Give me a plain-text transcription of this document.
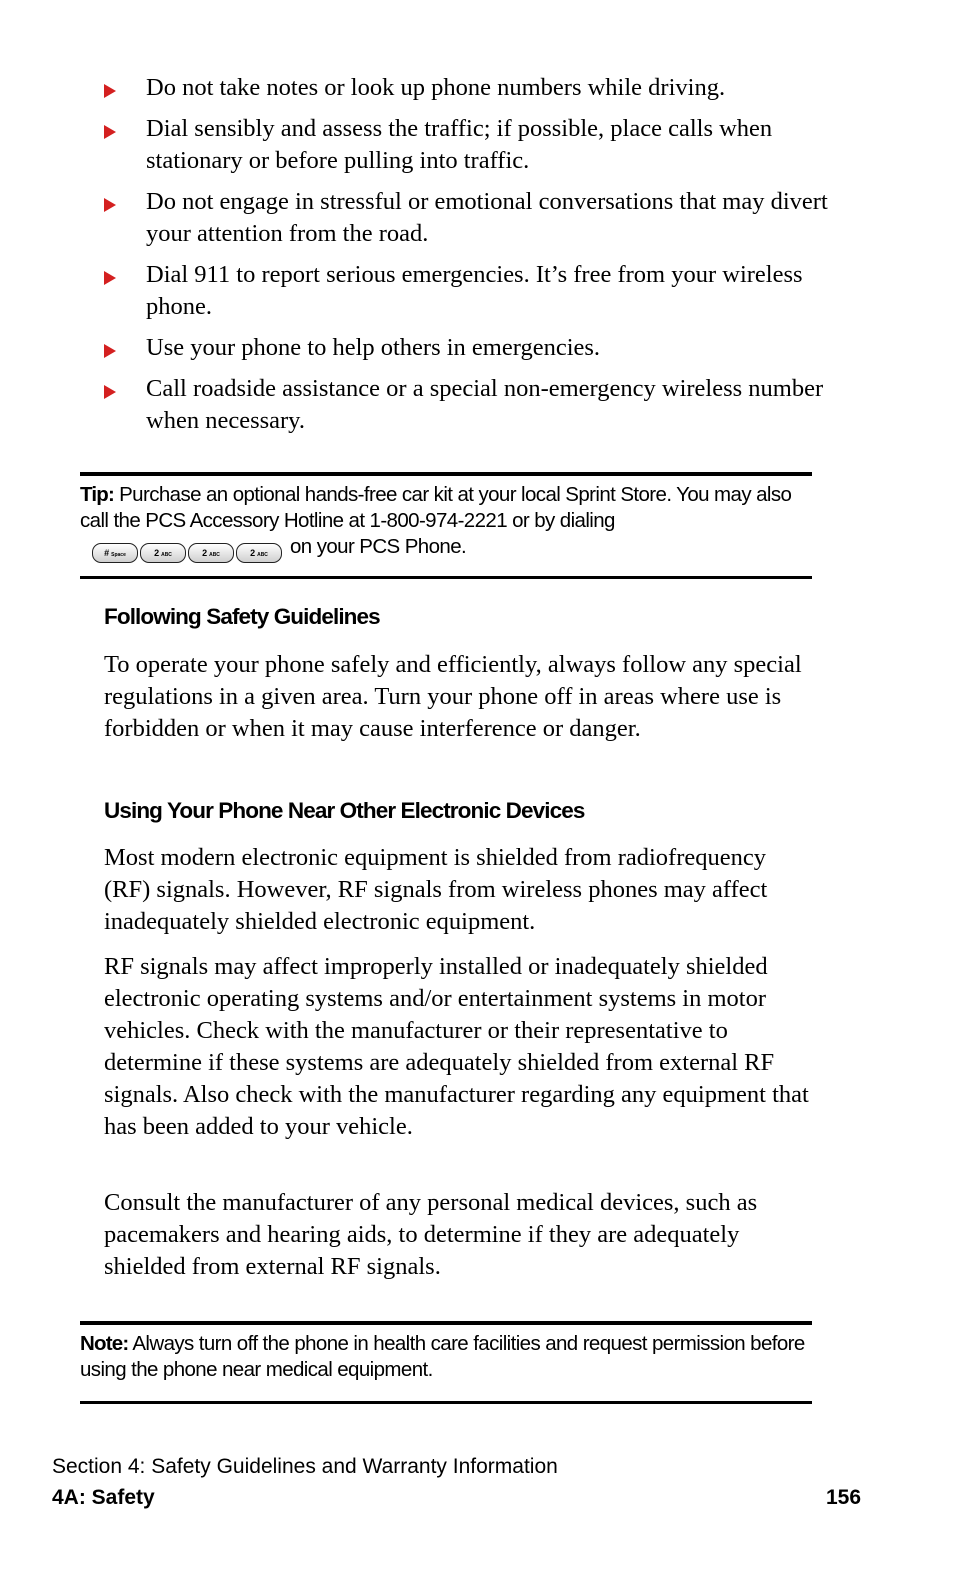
Do not take notes or look up phone numbers while driving.
Dial sensibly and assess the traffic; if possible, place calls when stationary or before pulling into traffic.
Do not engage in stressful or emotional conversations that may divert your attention from the road.
Dial 911 to report serious emergencies. It’s free from your wireless phone.
Use your phone to help others in emergencies.
Call roadside assistance or a special non-emergency wireless number when necessary.
Tip: Purchase an optional hands-free car kit at your local Sprint Store. You may also call the PCS Accessory Hotline at 1-800-974-2221 or by dialing# Space	2 ABC	2 ABC	2 ABC on your PCS Phone.
Following Safety Guidelines

To operate your phone safely and efficiently, always follow any special regulations in a given area. Turn your phone off in areas where use is forbidden or when it may cause interference or danger.

Using Your Phone Near Other Electronic Devices

Most modern electronic equipment is shielded from radiofrequency (RF) signals. However, RF signals from wireless phones may affect inadequately shielded electronic equipment.

RF signals may affect improperly installed or inadequately shielded electronic operating systems and/or entertainment systems in motor vehicles. Check with the manufacturer or their representative to determine if these systems are adequately shielded from external RF signals. Also check with the manufacturer regarding any equipment that has been added to your vehicle.

Consult the manufacturer of any personal medical devices, such as pacemakers and hearing aids, to determine if they are adequately shielded from external RF signals.

Note: Always turn off the phone in health care facilities and request permission before using the phone near medical equipment.
Section 4: Safety Guidelines and Warranty Information
4A: Safety	156
